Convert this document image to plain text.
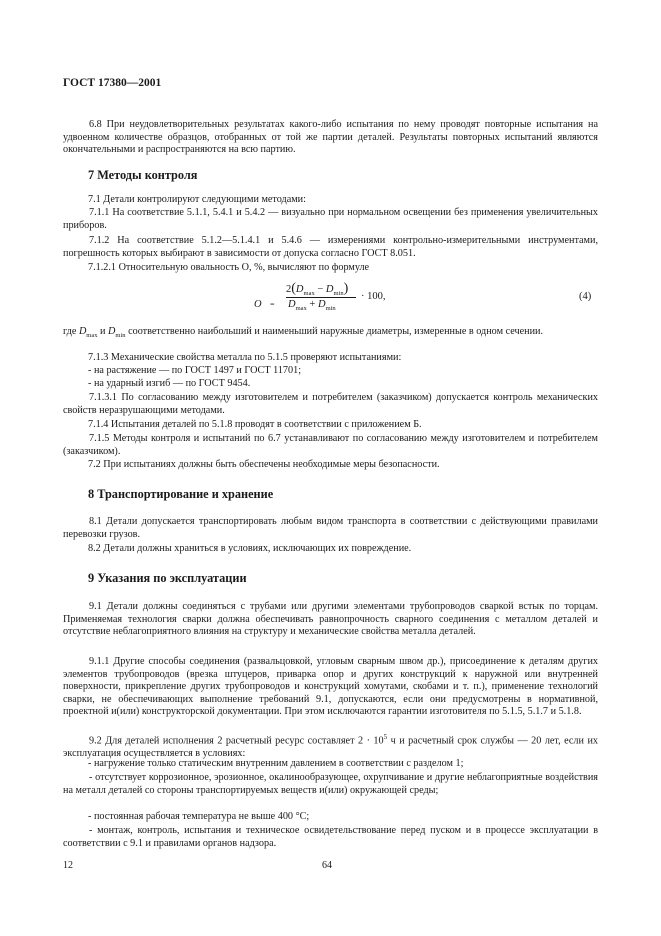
ГОСТ 17380—2001
6.8 При неудовлетворительных результатах какого-либо испытания по нему проводят повторные испытания на удвоенном количестве образцов, отобранных от той же партии деталей. Результаты повторных испытаний являются окончательными и распространяются на всю партию.
7 Методы контроля
7.1 Детали контролируют следующими методами:
7.1.1 На соответствие 5.1.1, 5.4.1 и 5.4.2 — визуально при нормальном освещении без применения увеличительных приборов.
7.1.2 На соответствие 5.1.2—5.1.4.1 и 5.4.6 — измерениями контрольно-измерительными инструментами, погрешность которых выбирают в зависимости от допуска согласно ГОСТ 8.051.
7.1.2.1 Относительную овальность O, %, вычисляют по формуле
O =
$2(D_{max} - D_{min})$
$D_{max} + D_{min}$
· 100,	(4)
где $D_{max}$ и $D_{min}$ соответственно наибольший и наименьший наружные диаметры, измеренные в одном сечении.
7.1.3 Механические свойства металла по 5.1.5 проверяют испытаниями:
- на растяжение — по ГОСТ 1497 и ГОСТ 11701;
- на ударный изгиб — по ГОСТ 9454.
7.1.3.1 По согласованию между изготовителем и потребителем (заказчиком) допускается контроль механических свойств неразрушающими методами.
7.1.4 Испытания деталей по 5.1.8 проводят в соответствии с приложением Б.
7.1.5 Методы контроля и испытаний по 6.7 устанавливают по согласованию между изготовителем и потребителем (заказчиком).
7.2 При испытаниях должны быть обеспечены необходимые меры безопасности.
8 Транспортирование и хранение
8.1 Детали допускается транспортировать любым видом транспорта в соответствии с действующими правилами перевозки грузов.
8.2 Детали должны храниться в условиях, исключающих их повреждение.
9 Указания по эксплуатации
9.1 Детали должны соединяться с трубами или другими элементами трубопроводов сваркой встык по торцам. Применяемая технология сварки должна обеспечивать равнопрочность сварного соединения с металлом деталей и отсутствие неблагоприятного влияния на структуру и механические свойства металла деталей.
9.1.1 Другие способы соединения (развальцовкой, угловым сварным швом др.), присоединение к деталям других элементов трубопроводов (врезка штуцеров, приварка опор и других конструкций к наружной или внутренней поверхности, прикрепление других трубопроводов и конструкций хомутами, скобами и т. п.), применение технологий сварки, не обеспечивающих выполнение требований 9.1, допускаются, если они предусмотрены в нормативной, проектной и(или) конструкторской документации. При этом исключаются гарантии изготовителя по 5.1.5, 5.1.7 и 5.1.8.
9.2 Для деталей исполнения 2 расчетный ресурс составляет $2 \cdot 10^5$ ч и расчетный срок службы — 20 лет, если их эксплуатация осуществляется в условиях:
- нагружение только статическим внутренним давлением в соответствии с разделом 1;
- отсутствует коррозионное, эрозионное, окалинообразующее, охрупчивание и другие неблагоприятные воздействия на металл деталей со стороны транспортируемых веществ и(или) окружающей среды;
- постоянная рабочая температура не выше 400 °С;
- монтаж, контроль, испытания и техническое освидетельствование перед пуском и в процессе эксплуатации в соответствии с 9.1 и правилами органов надзора.
12	64
